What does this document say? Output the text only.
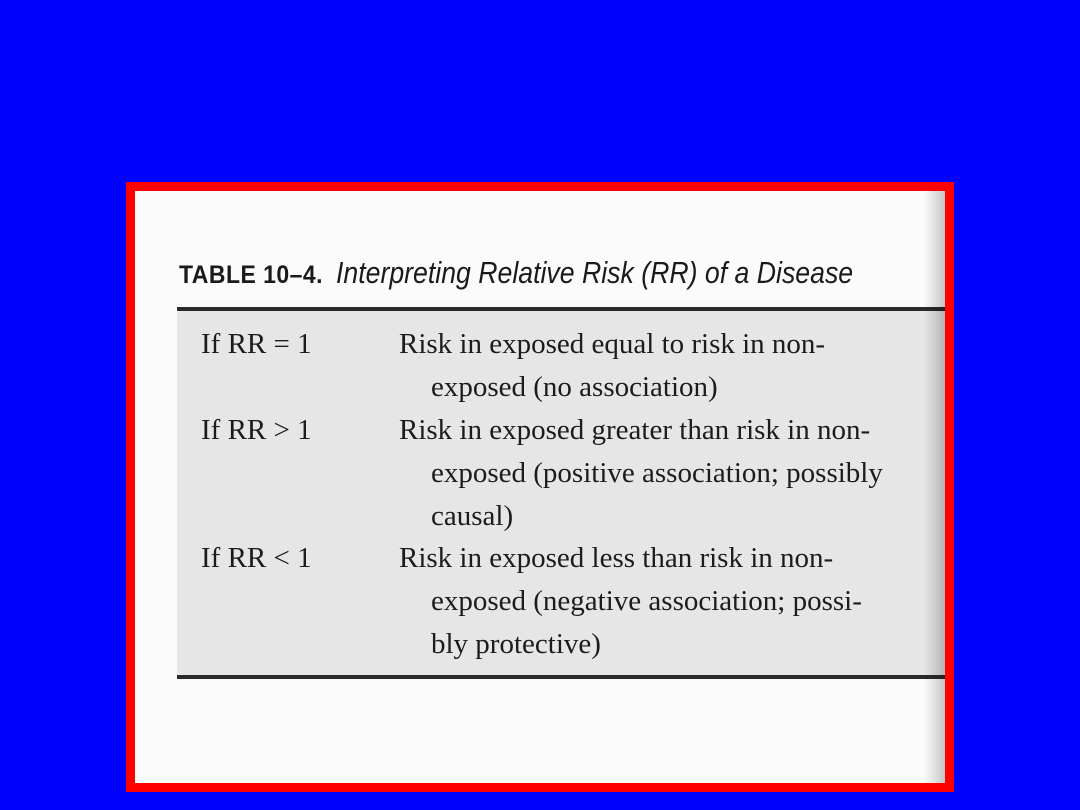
TABLE 10–4. Interpreting Relative Risk (RR) of a Disease
If RR = 1	Risk in exposed equal to risk in non-
exposed (no association)
If RR > 1	Risk in exposed greater than risk in non-
exposed (positive association; possibly
causal)
If RR < 1	Risk in exposed less than risk in non-
exposed (negative association; possi-
bly protective)
